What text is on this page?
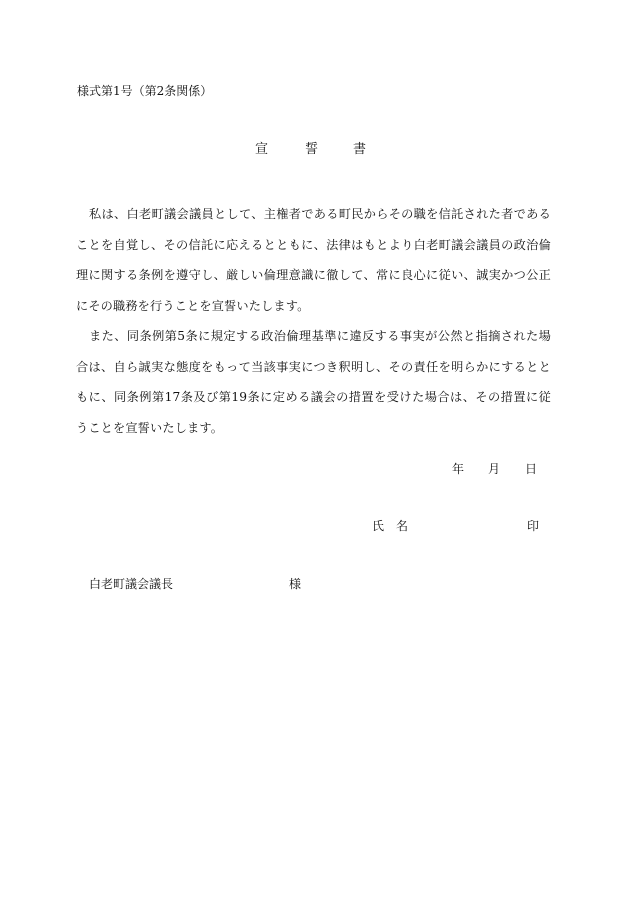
様式第1号（第2条関係）
宣	誓	書

私は、白老町議会議員として、主権者である町民からその職を信託された者であることを自覚し、その信託に応えるとともに、法律はもとより白老町議会議員の政治倫理に関する条例を遵守し、厳しい倫理意識に徹して、常に良心に従い、誠実かつ公正にその職務を行うことを宣誓いたします。

また、同条例第5条に規定する政治倫理基準に違反する事実が公然と指摘された場合は、自ら誠実な態度をもって当該事実につき釈明し、その責任を明らかにするとともに、同条例第17条及び第19条に定める議会の措置を受けた場合は、その措置に従うことを宣誓いたします。

年 月 日
氏　名	印
白老町議会議長	様
